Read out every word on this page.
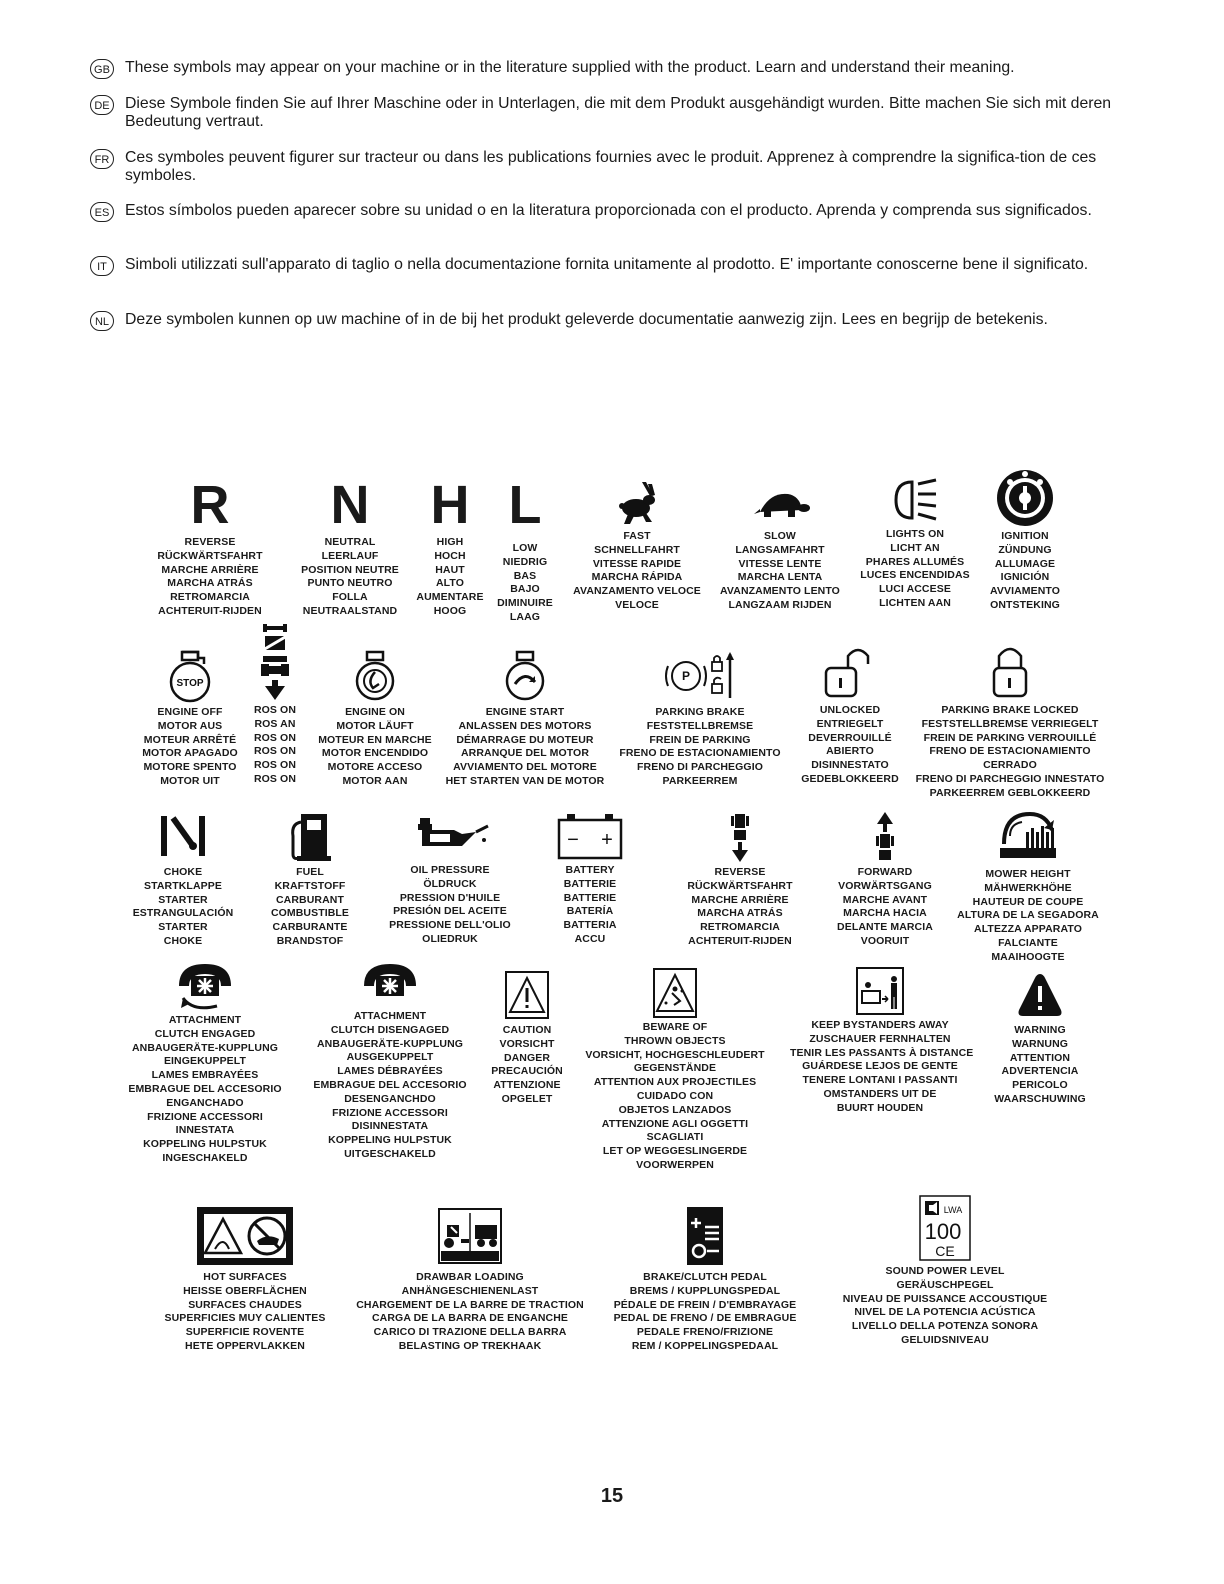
GB These symbols may appear on your machine or in the literature supplied with the product. Learn and understand their meaning.
DE Diese Symbole finden Sie auf Ihrer Maschine oder in Unterlagen, die mit dem Produkt ausgehändigt wurden. Bitte machen Sie sich mit deren Bedeutung vertraut.
FR Ces symboles peuvent figurer sur tracteur ou dans les publications fournies avec le produit. Apprenez à comprendre la significa-tion de ces symboles.
ES Estos símbolos pueden aparecer sobre su unidad o en la literatura proporcionada con el producto. Aprenda y comprenda sus significados.
IT	Simboli utilizzati sull'apparato di taglio o nella documentazione fornita unitamente al prodotto. E' importante conoscerne bene il significato.
NL	Deze symbolen kunnen op uw machine of in de bij het produkt geleverde documentatie aanwezig zijn. Lees en begrijp de betekenis.
R
REVERSE
RÜCKWÄRTSFAHRT
MARCHE ARRIÈRE
MARCHA ATRÁS
RETROMARCIA
ACHTERUIT-RIJDEN
N
NEUTRAL
LEERLAUF
POSITION NEUTRE
PUNTO NEUTRO
FOLLA
NEUTRAALSTAND
H
HIGH
HOCH
HAUT
ALTO
AUMENTARE
HOOG
L
LOW
NIEDRIG
BAS
BAJO
DIMINUIRE
LAAG
FAST
SCHNELLFAHRT
VITESSE RAPIDE
MARCHA RÁPIDA
AVANZAMENTO VELOCE
VELOCE
SLOW
LANGSAMFAHRT
VITESSE LENTE
MARCHA LENTA
AVANZAMENTO LENTO
LANGZAAM RIJDEN
LIGHTS ON
LICHT AN
PHARES ALLUMÉS
LUCES ENCENDIDAS
LUCI ACCESE
LICHTEN AAN
IGNITION
ZÜNDUNG
ALLUMAGE
IGNICIÓN
AVVIAMENTO
ONTSTEKING
STOP
ENGINE OFF
MOTOR AUS
MOTEUR ARRÊTÉ
MOTOR APAGADO
MOTORE SPENTO
MOTOR UIT
ROS ON
ROS AN
ROS ON
ROS ON
ROS ON
ROS ON
ENGINE ON
MOTOR LÄUFT
MOTEUR EN MARCHE
MOTOR ENCENDIDO
MOTORE ACCESO
MOTOR AAN
ENGINE START
ANLASSEN DES MOTORS
DÉMARRAGE DU MOTEUR
ARRANQUE DEL MOTOR
AVVIAMENTO DEL MOTORE
HET STARTEN VAN DE MOTOR
P
PARKING BRAKE
FESTSTELLBREMSE
FREIN DE PARKING
FRENO DE ESTACIONAMIENTO
FRENO DI PARCHEGGIO
PARKEERREM
UNLOCKED
ENTRIEGELT
DEVERROUILLÉ
ABIERTO
DISINNESTATO
GEDEBLOKKEERD
PARKING BRAKE LOCKED
FESTSTELLBREMSE VERRIEGELT
FREIN DE PARKING VERROUILLÉ
FRENO DE ESTACIONAMIENTO
CERRADO
FRENO DI PARCHEGGIO INNESTATO
PARKEERREM GEBLOKKEERD
CHOKE
STARTKLAPPE
STARTER
ESTRANGULACIÓN
STARTER
CHOKE
FUEL
KRAFTSTOFF
CARBURANT
COMBUSTIBLE
CARBURANTE
BRANDSTOF
OIL PRESSURE
ÖLDRUCK
PRESSION D'HUILE
PRESIÓN DEL ACEITE
PRESSIONE DELL'OLIO
OLIEDRUK
− +
BATTERY
BATTERIE
BATTERIE
BATERÍA
BATTERIA
ACCU
REVERSE
RÜCKWÄRTSFAHRT
MARCHE ARRIÈRE
MARCHA ATRÁS
RETROMARCIA
ACHTERUIT-RIJDEN
FORWARD
VORWÄRTSGANG
MARCHE AVANT
MARCHA HACIA
DELANTE MARCIA
VOORUIT
MOWER HEIGHT
MÄHWERKHÖHE
HAUTEUR DE COUPE
ALTURA DE LA SEGADORA
ALTEZZA APPARATO
FALCIANTE
MAAIHOOGTE
ATTACHMENT
CLUTCH ENGAGED
ANBAUGERÄTE-KUPPLUNG
EINGEKUPPELT
LAMES EMBRAYÉES
EMBRAGUE DEL ACCESORIO
ENGANCHADO
FRIZIONE ACCESSORI
INNESTATA
KOPPELING HULPSTUK
INGESCHAKELD
ATTACHMENT
CLUTCH DISENGAGED
ANBAUGERÄTE-KUPPLUNG
AUSGEKUPPELT
LAMES DÉBRAYÉES
EMBRAGUE DEL ACCESORIO
DESENGANCHDO
FRIZIONE ACCESSORI
DISINNESTATA
KOPPELING HULPSTUK
UITGESCHAKELD
CAUTION
VORSICHT
DANGER
PRECAUCIÓN
ATTENZIONE
OPGELET
BEWARE OF
THROWN OBJECTS
VORSICHT, HOCHGESCHLEUDERT
GEGENSTÄNDE
ATTENTION AUX PROJECTILES
CUIDADO CON
OBJETOS LANZADOS
ATTENZIONE AGLI OGGETTI
SCAGLIATI
LET OP WEGGESLINGERDE
VOORWERPEN
KEEP BYSTANDERS AWAY
ZUSCHAUER FERNHALTEN
TENIR LES PASSANTS À DISTANCE
GUÁRDESE LEJOS DE GENTE
TENERE LONTANI I PASSANTI
OMSTANDERS UIT DE
BUURT HOUDEN
WARNING
WARNUNG
ATTENTION
ADVERTENCIA
PERICOLO
WAARSCHUWING
HOT SURFACES
HEISSE OBERFLÄCHEN
SURFACES CHAUDES
SUPERFICIES MUY CALIENTES
SUPERFICIE ROVENTE
HETE OPPERVLAKKEN
DRAWBAR LOADING
ANHÄNGESCHIENENLAST
CHARGEMENT DE LA BARRE DE TRACTION
CARGA DE LA BARRA DE ENGANCHE
CARICO DI TRAZIONE DELLA BARRA
BELASTING OP TREKHAAK
BRAKE/CLUTCH PEDAL
BREMS / KUPPLUNGSPEDAL
PÉDALE DE FREIN / D'EMBRAYAGE
PEDAL DE FRENO / DE EMBRAGUE
PEDALE FRENO/FRIZIONE
REM / KOPPELINGSPEDAAL
LWA
100
CE
SOUND POWER LEVEL
GERÄUSCHPEGEL
NIVEAU DE PUISSANCE ACCOUSTIQUE
NIVEL DE LA POTENCIA ACÚSTICA
LIVELLO DELLA POTENZA SONORA
GELUIDSNIVEAU
15
